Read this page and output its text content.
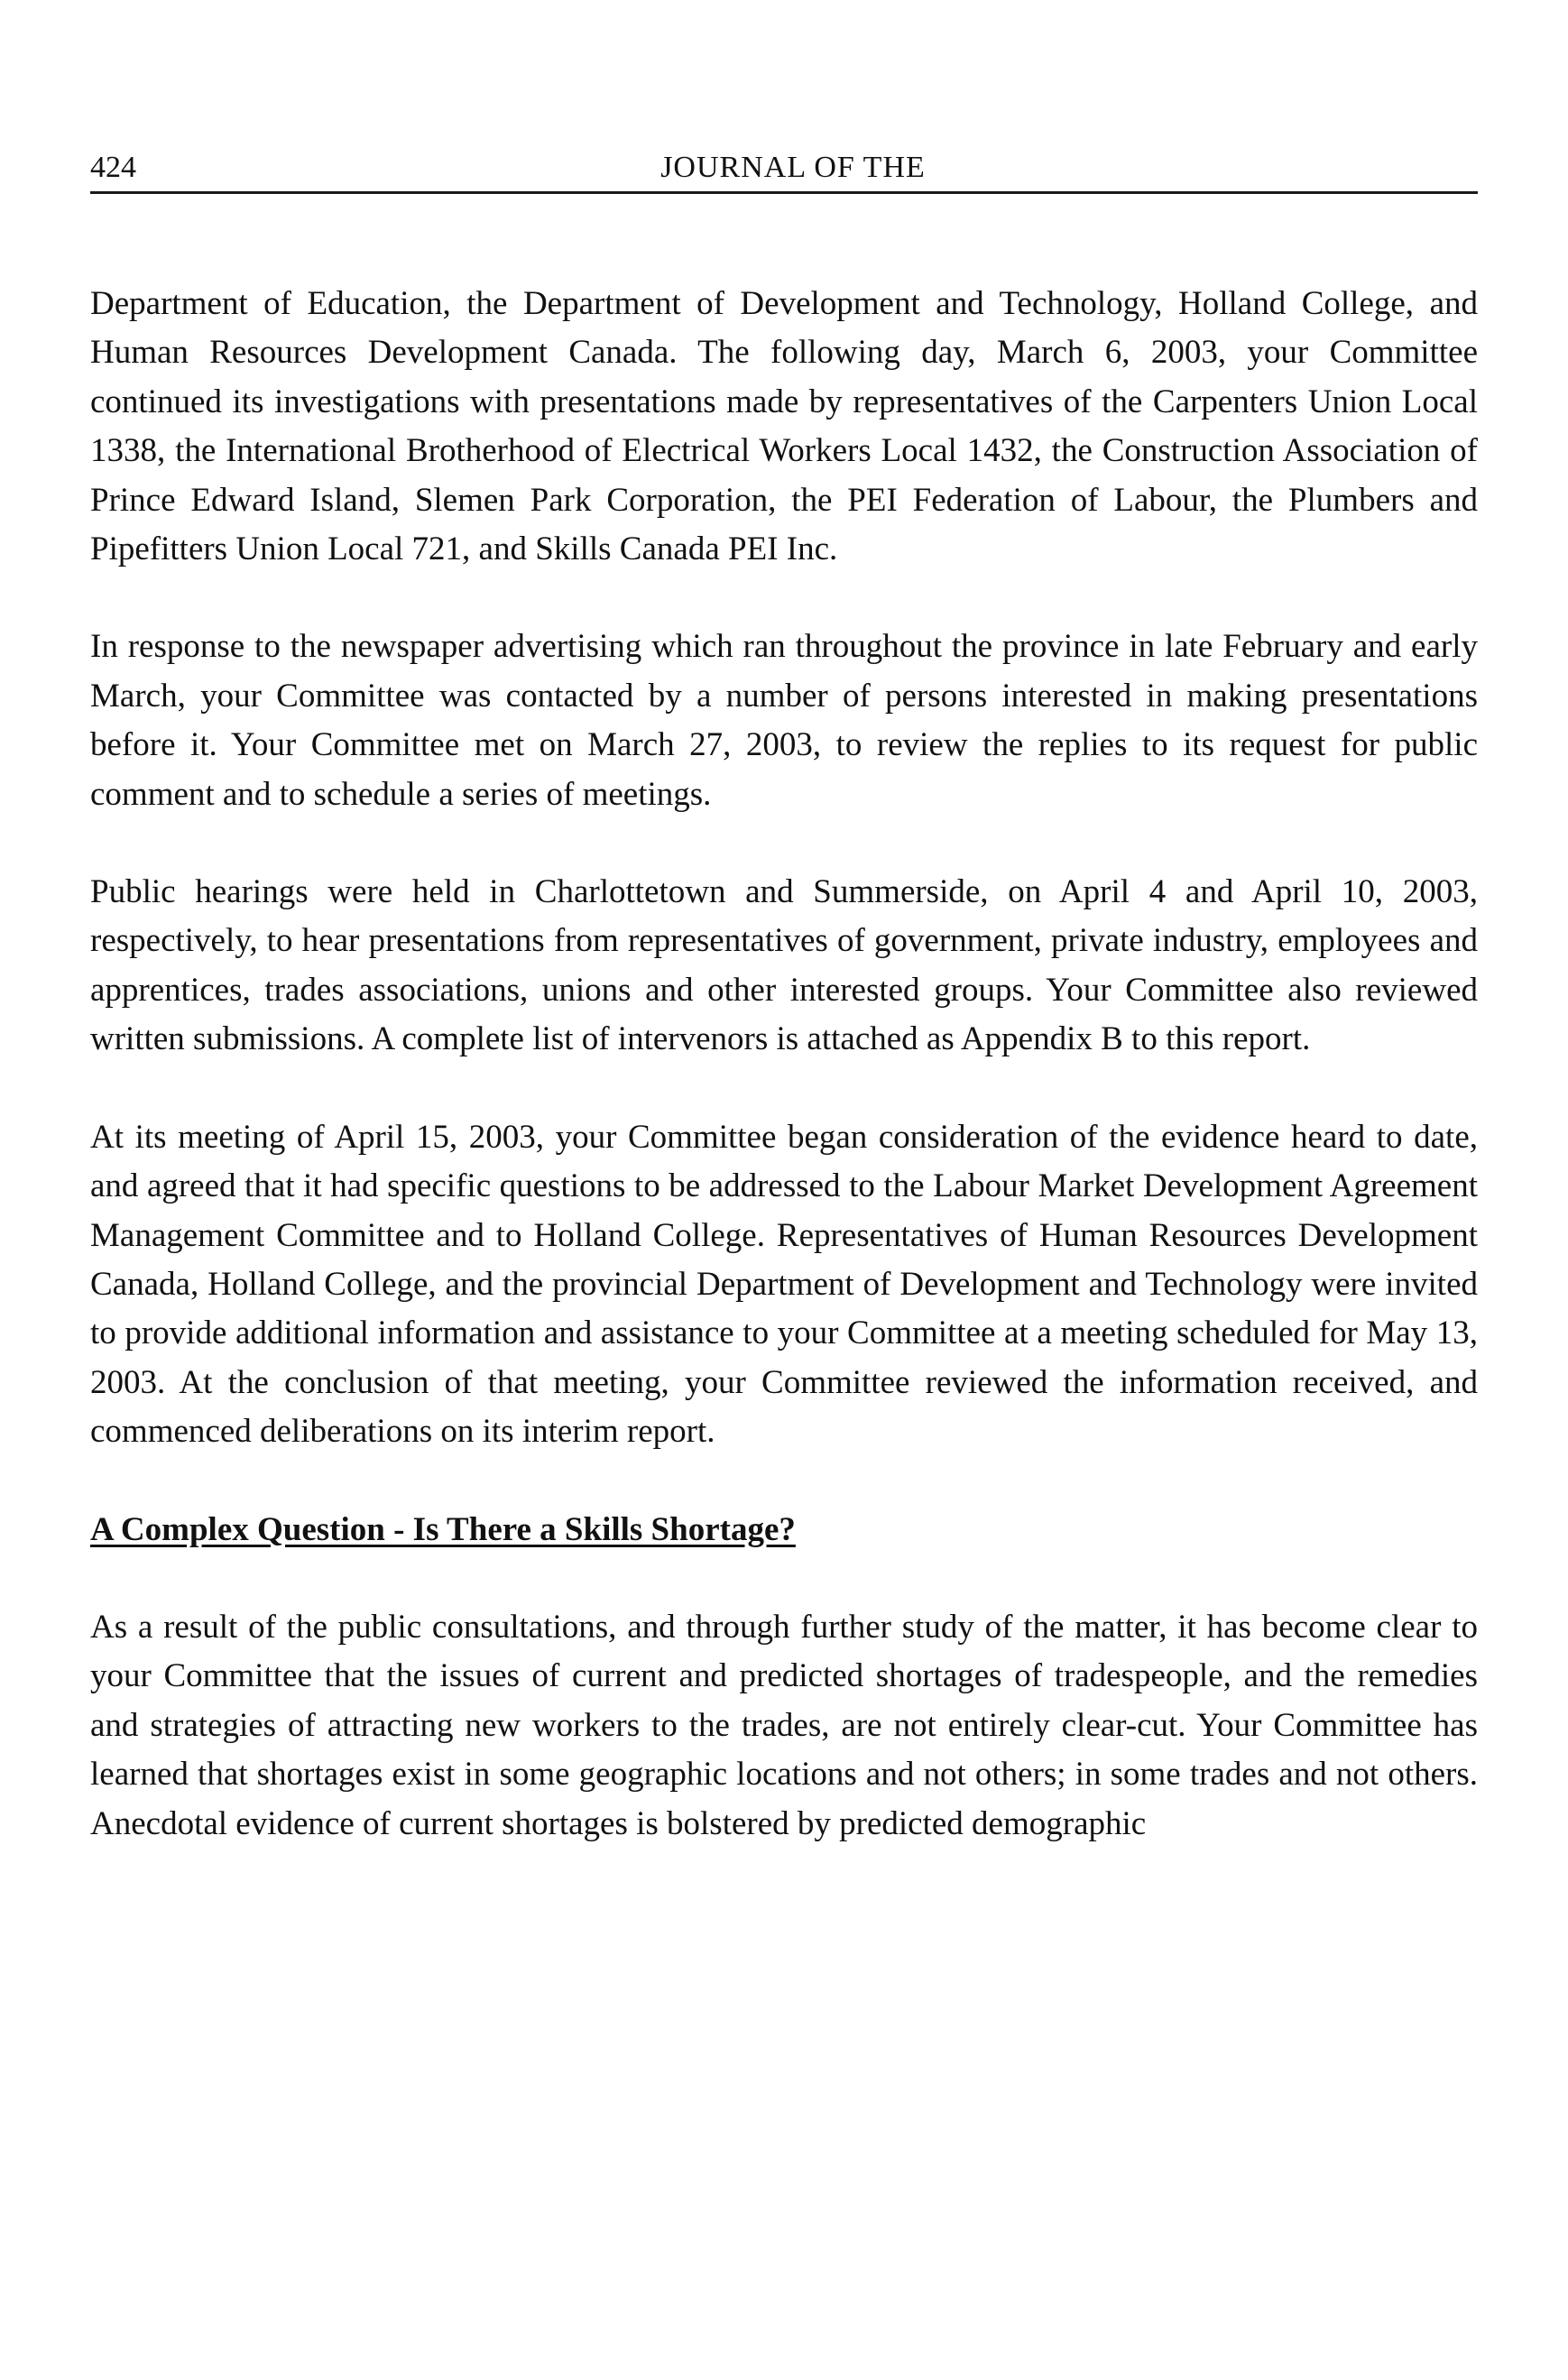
424	JOURNAL OF THE

Department of Education, the Department of Development and Technology, Holland College, and Human Resources Development Canada. The following day, March 6, 2003, your Committee continued its investigations with presentations made by representatives of the Carpenters Union Local 1338, the International Brotherhood of Electrical Workers Local 1432, the Construction Association of Prince Edward Island, Slemen Park Corporation, the PEI Federation of Labour, the Plumbers and Pipefitters Union Local 721, and Skills Canada PEI Inc.

In response to the newspaper advertising which ran throughout the province in late February and early March, your Committee was contacted by a number of persons interested in making presentations before it. Your Committee met on March 27, 2003, to review the replies to its request for public comment and to schedule a series of meetings.

Public hearings were held in Charlottetown and Summerside, on April 4 and April 10, 2003, respectively, to hear presentations from representatives of government, private industry, employees and apprentices, trades associations, unions and other interested groups. Your Committee also reviewed written submissions. A complete list of intervenors is attached as Appendix B to this report.

At its meeting of April 15, 2003, your Committee began consideration of the evidence heard to date, and agreed that it had specific questions to be addressed to the Labour Market Development Agreement Management Committee and to Holland College. Representatives of Human Resources Development Canada, Holland College, and the provincial Department of Development and Technology were invited to provide additional information and assistance to your Committee at a meeting scheduled for May 13, 2003. At the conclusion of that meeting, your Committee reviewed the information received, and commenced deliberations on its interim report.

A Complex Question - Is There a Skills Shortage?

As a result of the public consultations, and through further study of the matter, it has become clear to your Committee that the issues of current and predicted shortages of tradespeople, and the remedies and strategies of attracting new workers to the trades, are not entirely clear-cut. Your Committee has learned that shortages exist in some geographic locations and not others; in some trades and not others. Anecdotal evidence of current shortages is bolstered by predicted demographic
